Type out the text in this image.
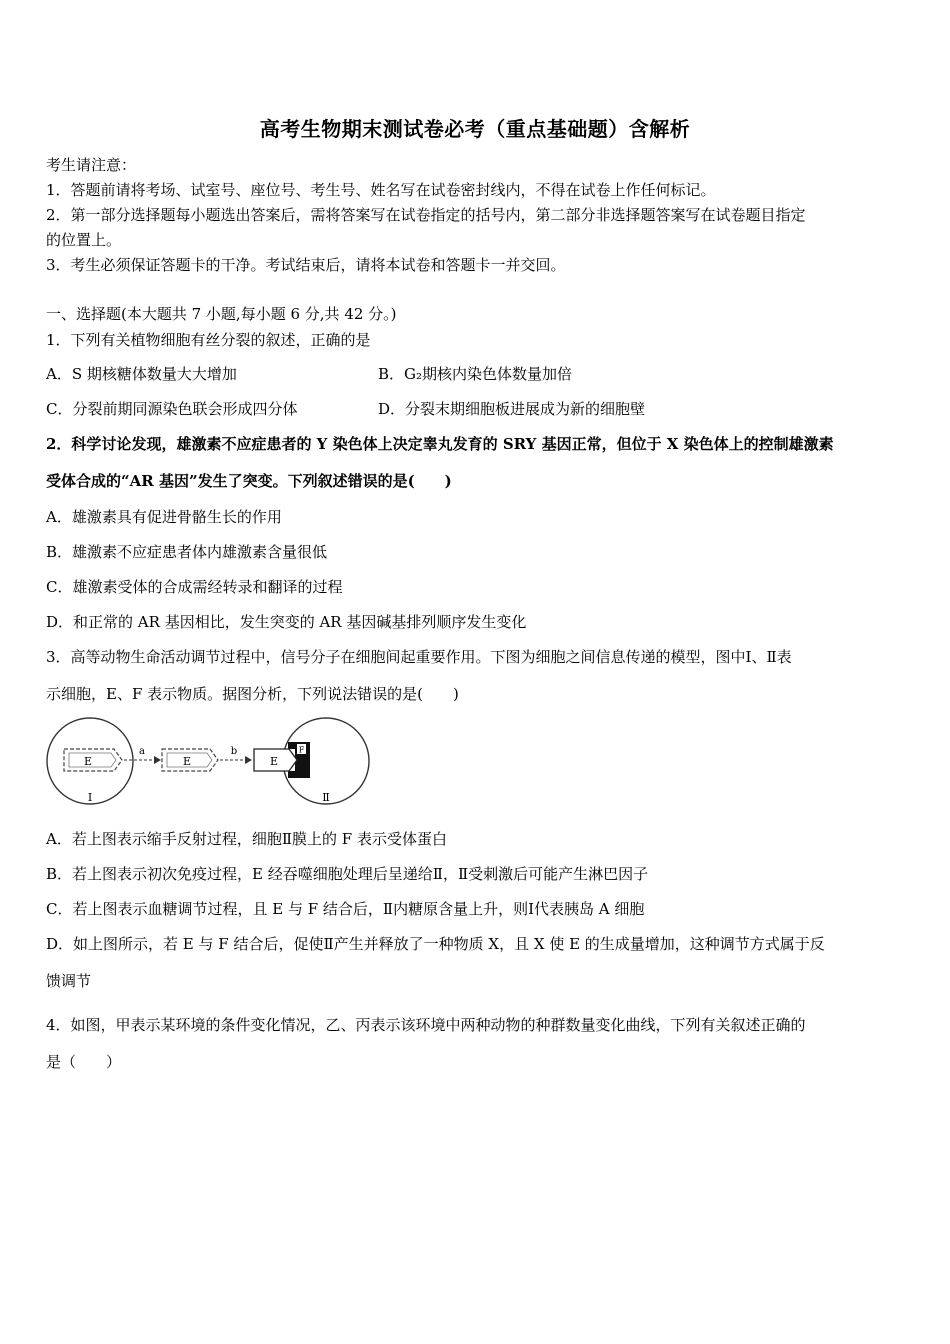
高考生物期末测试卷必考（重点基础题）含解析
考生请注意：
1．答题前请将考场、试室号、座位号、考生号、姓名写在试卷密封线内，不得在试卷上作任何标记。
2．第一部分选择题每小题选出答案后，需将答案写在试卷指定的括号内，第二部分非选择题答案写在试卷题目指定
的位置上。
3．考生必须保证答题卡的干净。考试结束后，请将本试卷和答题卡一并交回。
一、选择题(本大题共 7 小题,每小题 6 分,共 42 分。)
1．下列有关植物细胞有丝分裂的叙述，正确的是
A．S 期核糖体数量大大增加	B．G₂期核内染色体数量加倍
C．分裂前期同源染色联会形成四分体	D．分裂末期细胞板进展成为新的细胞壁
2．科学讨论发现，雄激素不应症患者的 Y 染色体上决定睾丸发育的 SRY 基因正常，但位于 X 染色体上的控制雄激素
受体合成的“AR 基因”发生了突变。下列叙述错误的是(　　)
A．雄激素具有促进骨骼生长的作用
B．雄激素不应症患者体内雄激素含量很低
C．雄激素受体的合成需经转录和翻译的过程
D．和正常的 AR 基因相比，发生突变的 AR 基因碱基排列顺序发生变化
3．高等动物生命活动调节过程中，信号分子在细胞间起重要作用。下图为细胞之间信息传递的模型，图中Ⅰ、Ⅱ表
示细胞，E、F 表示物质。据图分析，下列说法错误的是(　　)
E
a
E
b	F
E
Ⅰ	Ⅱ
A．若上图表示缩手反射过程，细胞Ⅱ膜上的 F 表示受体蛋白
B．若上图表示初次免疫过程，E 经吞噬细胞处理后呈递给Ⅱ，Ⅱ受刺激后可能产生淋巴因子
C．若上图表示血糖调节过程，且 E 与 F 结合后，Ⅱ内糖原含量上升，则Ⅰ代表胰岛 A 细胞
D．如上图所示，若 E 与 F 结合后，促使Ⅱ产生并释放了一种物质 X，且 X 使 E 的生成量增加，这种调节方式属于反
馈调节
4．如图，甲表示某环境的条件变化情况，乙、丙表示该环境中两种动物的种群数量变化曲线，下列有关叙述正确的
是（　　）
